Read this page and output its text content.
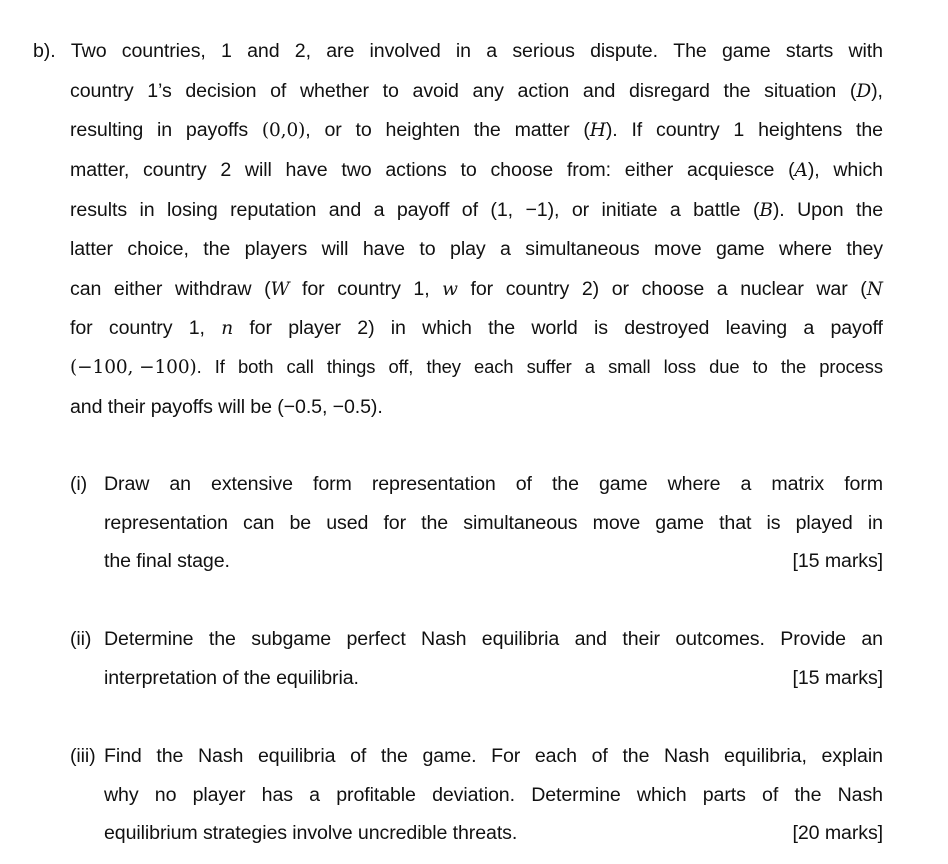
b). Two countries, 1 and 2, are involved in a serious dispute. The game starts with
country 1’s decision of whether to avoid any action and disregard the situation (D),
resulting in payoffs (0,0), or to heighten the matter (H). If country 1 heightens the
matter, country 2 will have two actions to choose from: either acquiesce (A), which
results in losing reputation and a payoff of (1, −1), or initiate a battle (B). Upon the
latter choice, the players will have to play a simultaneous move game where they
can either withdraw (W for country 1, w for country 2) or choose a nuclear war (N
for country 1, n for player 2) in which the world is destroyed leaving a payoff
(−100, −100). If both call things off, they each suffer a small loss due to the process
and their payoffs will be (−0.5, −0.5).
(i) Draw an extensive form representation of the game where a matrix form
representation can be used for the simultaneous move game that is played in
the final stage.	[15 marks]
(ii) Determine the subgame perfect Nash equilibria and their outcomes. Provide an
interpretation of the equilibria.	[15 marks]
(iii) Find the Nash equilibria of the game. For each of the Nash equilibria, explain
why no player has a profitable deviation. Determine which parts of the Nash
equilibrium strategies involve uncredible threats.	[20 marks]
